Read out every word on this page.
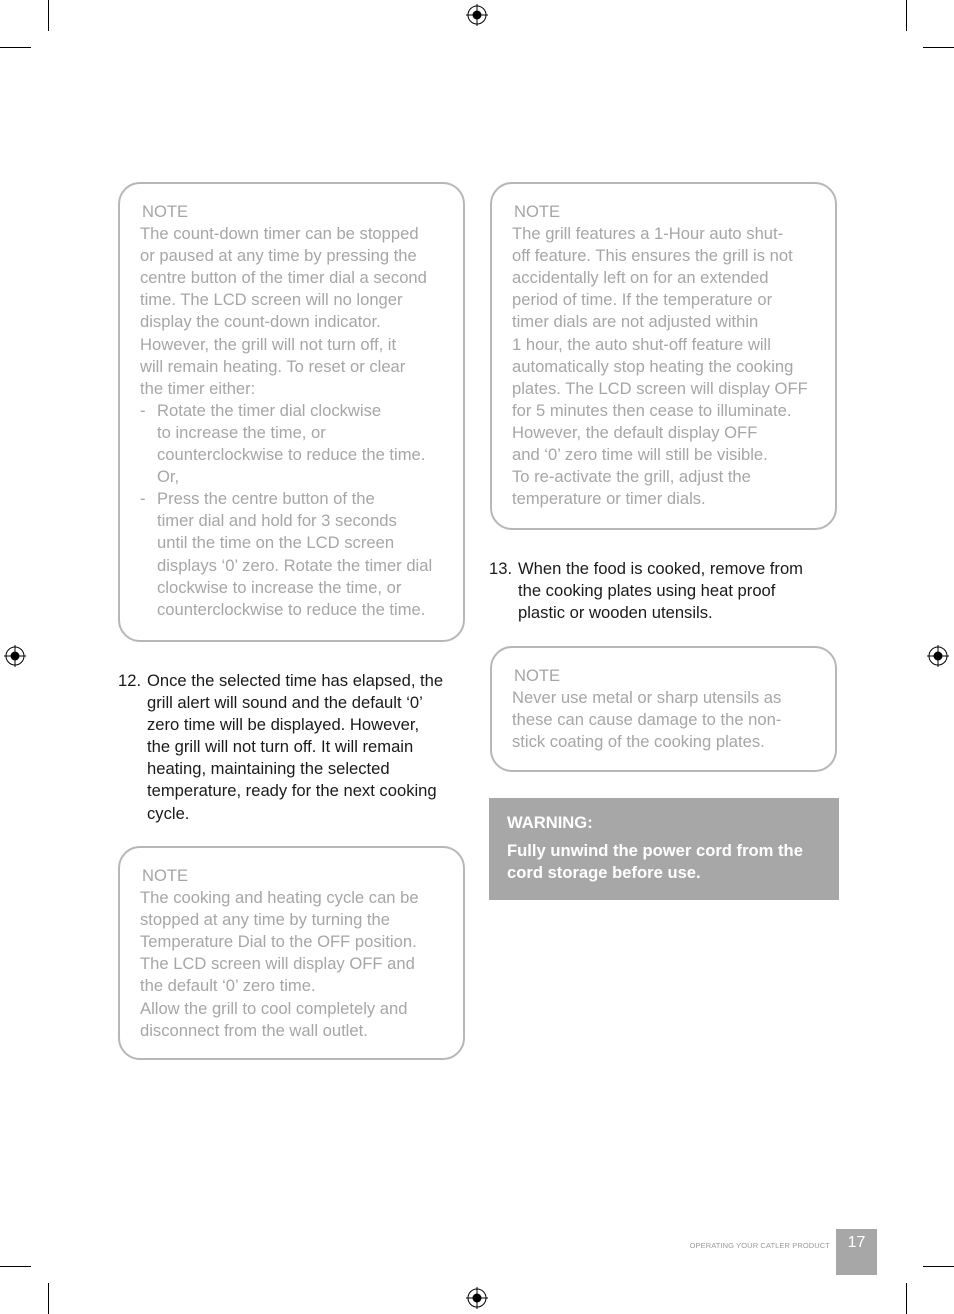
NOTE

The count-down timer can be stopped
or paused at any time by pressing the
centre button of the timer dial a second
time. The LCD screen will no longer
display the count-down indicator.
However, the grill will not turn off, it
will remain heating. To reset or clear
the timer either:

- Rotate the timer dial clockwise
to increase the time, or
counterclockwise to reduce the time.
Or,
- Press the centre button of the
timer dial and hold for 3 seconds
until the time on the LCD screen
displays ‘0’ zero. Rotate the timer dial
clockwise to increase the time, or
counterclockwise to reduce the time.
12. Once the selected time has elapsed, the
grill alert will sound and the default ‘0’
zero time will be displayed. However,
the grill will not turn off. It will remain
heating, maintaining the selected
temperature, ready for the next cooking
cycle.
NOTE

The cooking and heating cycle can be
stopped at any time by turning the
Temperature Dial to the OFF position.
The LCD screen will display OFF and
the default ‘0’ zero time.
Allow the grill to cool completely and
disconnect from the wall outlet.

NOTE

The grill features a 1-Hour auto shut-
off feature. This ensures the grill is not
accidentally left on for an extended
period of time. If the temperature or
timer dials are not adjusted within
1 hour, the auto shut-off feature will
automatically stop heating the cooking
plates. The LCD screen will display OFF
for 5 minutes then cease to illuminate.
However, the default display OFF
and ‘0’ zero time will still be visible.
To re-activate the grill, adjust the
temperature or timer dials.

13. When the food is cooked, remove from
the cooking plates using heat proof
plastic or wooden utensils.
NOTE

Never use metal or sharp utensils as
these can cause damage to the non-
stick coating of the cooking plates.

WARNING:
Fully unwind the power cord from the
cord storage before use.
OPERATING YOUR CATLER PRODUCT	17
